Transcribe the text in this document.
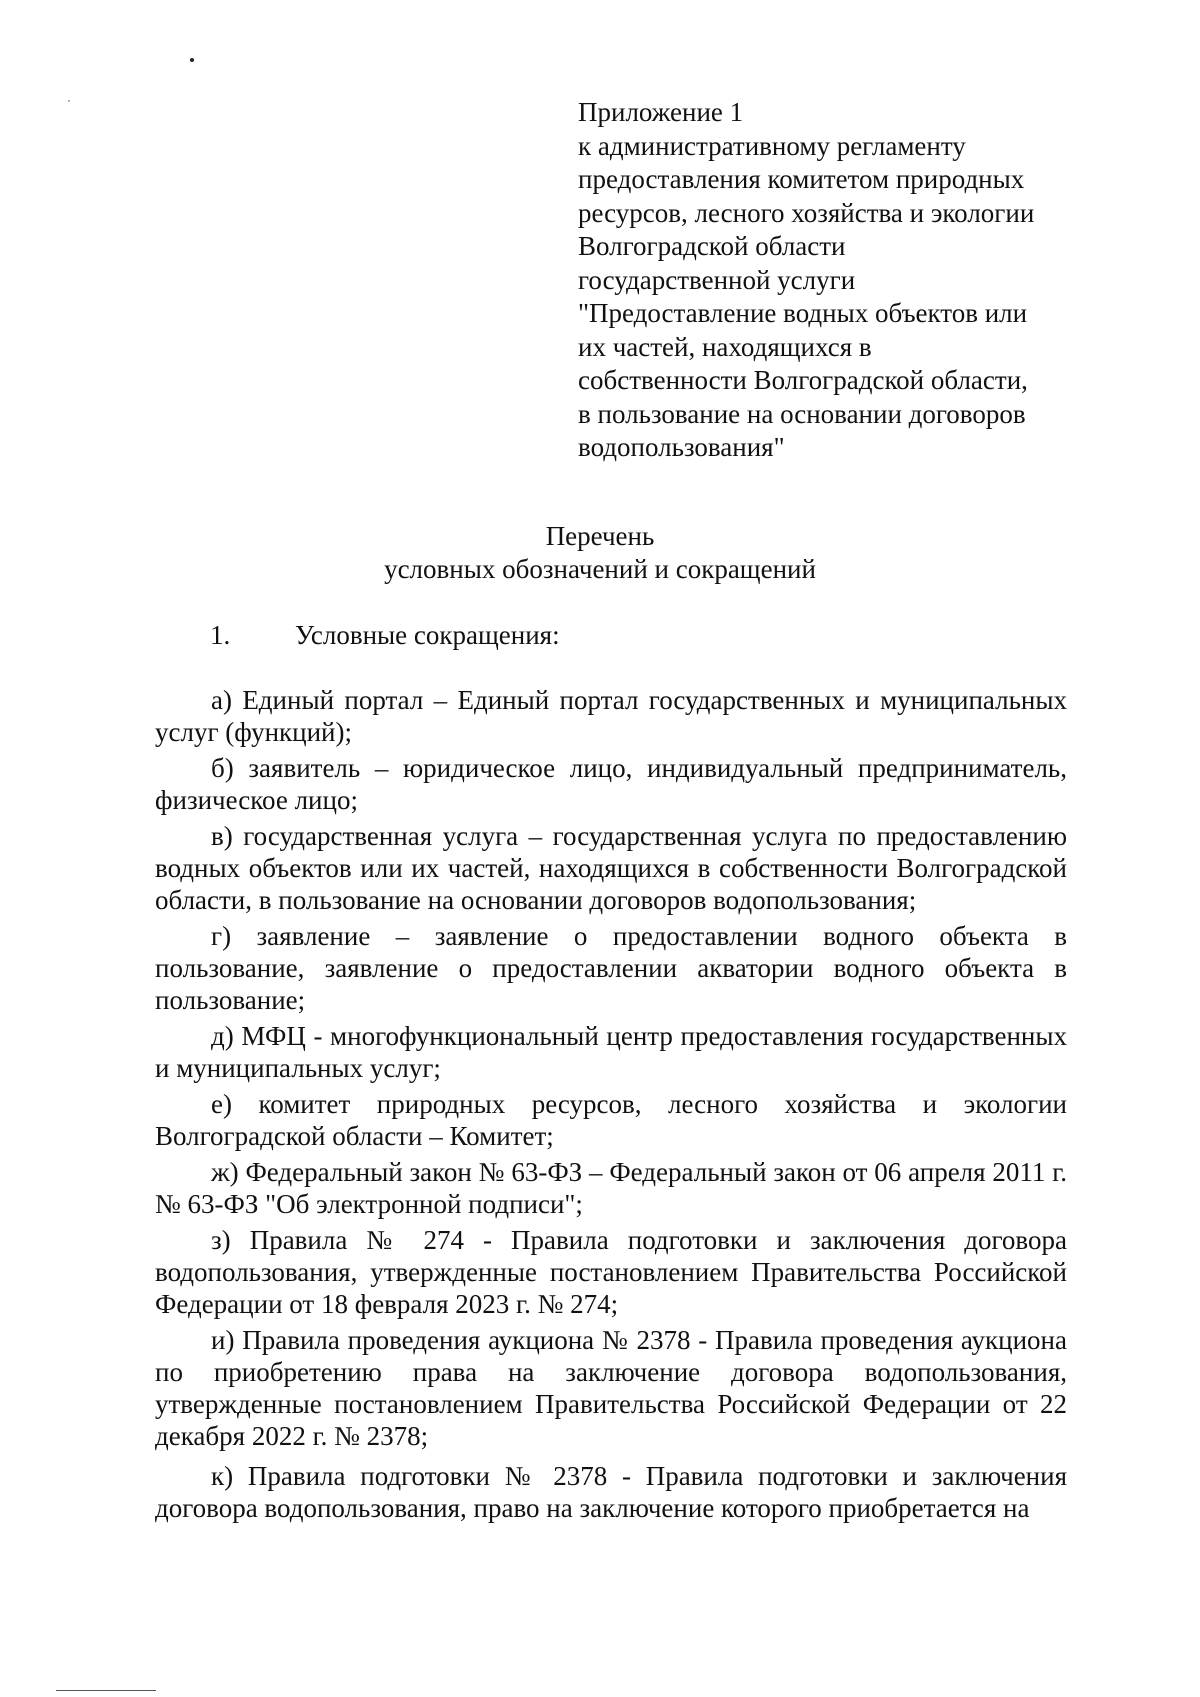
Приложение 1
к административному регламенту
предоставления комитетом природных
ресурсов, лесного хозяйства и экологии
Волгоградской области
государственной услуги
"Предоставление водных объектов или
их частей, находящихся в
собственности Волгоградской области,
в пользование на основании договоров
водопользования"
Перечень
условных обозначений и сокращений
1. Условные сокращения:

а) Единый портал – Единый портал государственных и муниципальных услуг (функций);

б) заявитель – юридическое лицо, индивидуальный предприниматель, физическое лицо;

в) государственная услуга – государственная услуга по предоставлению водных объектов или их частей, находящихся в собственности Волгоградской области, в пользование на основании договоров водопользования;

г) заявление – заявление о предоставлении водного объекта в пользование, заявление о предоставлении акватории водного объекта в пользование;

д) МФЦ - многофункциональный центр предоставления государственных и муниципальных услуг;

е) комитет природных ресурсов, лесного хозяйства и экологии Волгоградской области – Комитет;

ж) Федеральный закон № 63-ФЗ – Федеральный закон от 06 апреля 2011 г. № 63-ФЗ "Об электронной подписи";

з) Правила № 274 - Правила подготовки и заключения договора водопользования, утвержденные постановлением Правительства Российской Федерации от 18 февраля 2023 г. № 274;

и) Правила проведения аукциона № 2378 - Правила проведения аукциона по приобретению права на заключение договора водопользования, утвержденные постановлением Правительства Российской Федерации от 22 декабря 2022 г. № 2378;

к) Правила подготовки № 2378 - Правила подготовки и заключения договора водопользования, право на заключение которого приобретается на
